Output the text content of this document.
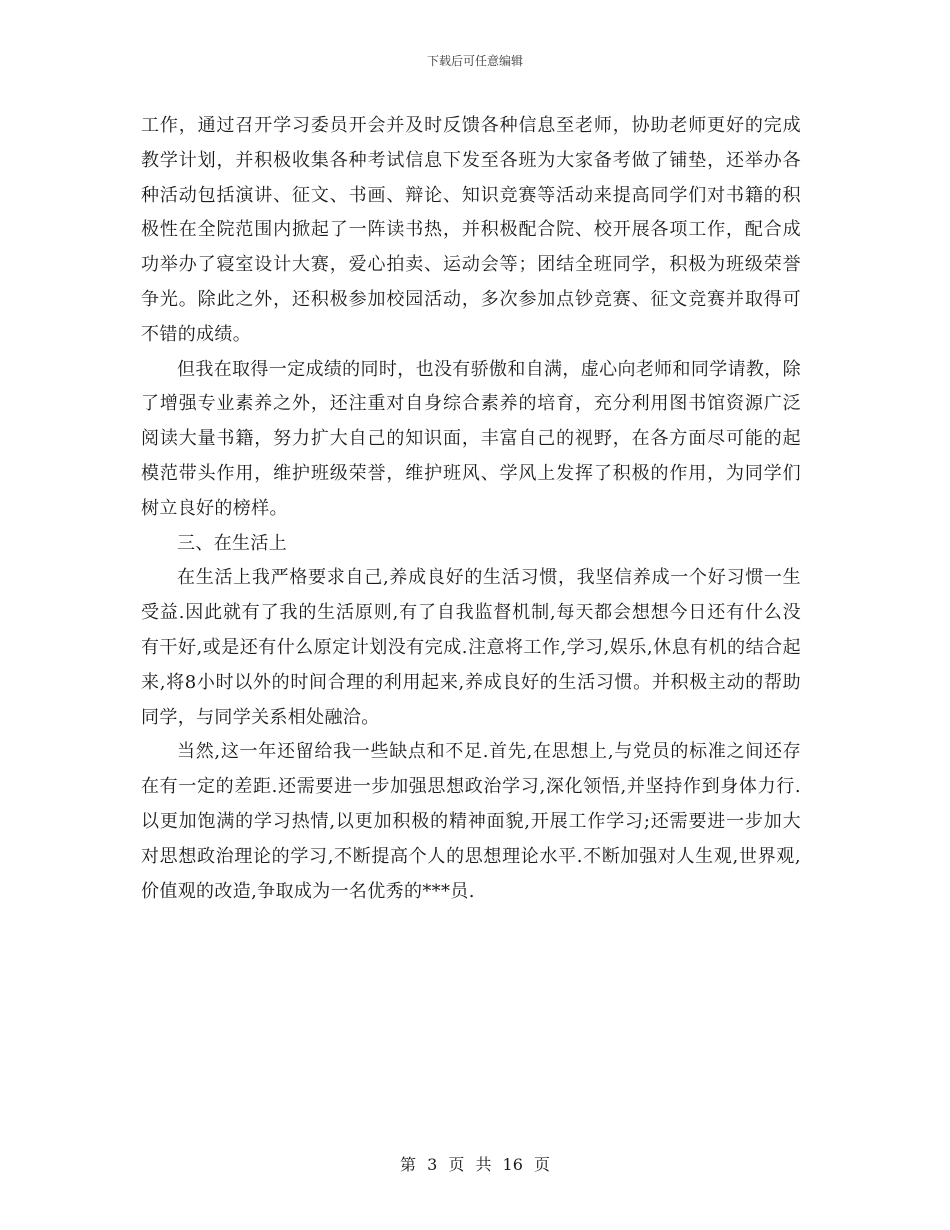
下载后可任意编辑

工作，通过召开学习委员开会并及时反馈各种信息至老师，协助老师更好的完成教学计划，并积极收集各种考试信息下发至各班为大家备考做了铺垫，还举办各种活动包括演讲、征文、书画、辩论、知识竞赛等活动来提高同学们对书籍的积极性在全院范围内掀起了一阵读书热，并积极配合院、校开展各项工作，配合成功举办了寝室设计大赛，爱心拍卖、运动会等；团结全班同学，积极为班级荣誉争光。除此之外，还积极参加校园活动，多次参加点钞竞赛、征文竞赛并取得可不错的成绩。

但我在取得一定成绩的同时，也没有骄傲和自满，虚心向老师和同学请教，除了增强专业素养之外，还注重对自身综合素养的培育，充分利用图书馆资源广泛阅读大量书籍，努力扩大自己的知识面，丰富自己的视野，在各方面尽可能的起模范带头作用，维护班级荣誉，维护班风、学风上发挥了积极的作用，为同学们树立良好的榜样。

三、在生活上

在生活上我严格要求自己,养成良好的生活习惯，我坚信养成一个好习惯一生受益.因此就有了我的生活原则,有了自我监督机制,每天都会想想今日还有什么没有干好,或是还有什么原定计划没有完成.注意将工作,学习,娱乐,休息有机的结合起来,将8小时以外的时间合理的利用起来,养成良好的生活习惯。并积极主动的帮助同学，与同学关系相处融洽。

当然,这一年还留给我一些缺点和不足.首先,在思想上,与党员的标准之间还存在有一定的差距.还需要进一步加强思想政治学习,深化领悟,并坚持作到身体力行.以更加饱满的学习热情,以更加积极的精神面貌,开展工作学习;还需要进一步加大对思想政治理论的学习,不断提高个人的思想理论水平.不断加强对人生观,世界观,价值观的改造,争取成为一名优秀的***员.

第 3 页 共 16 页
